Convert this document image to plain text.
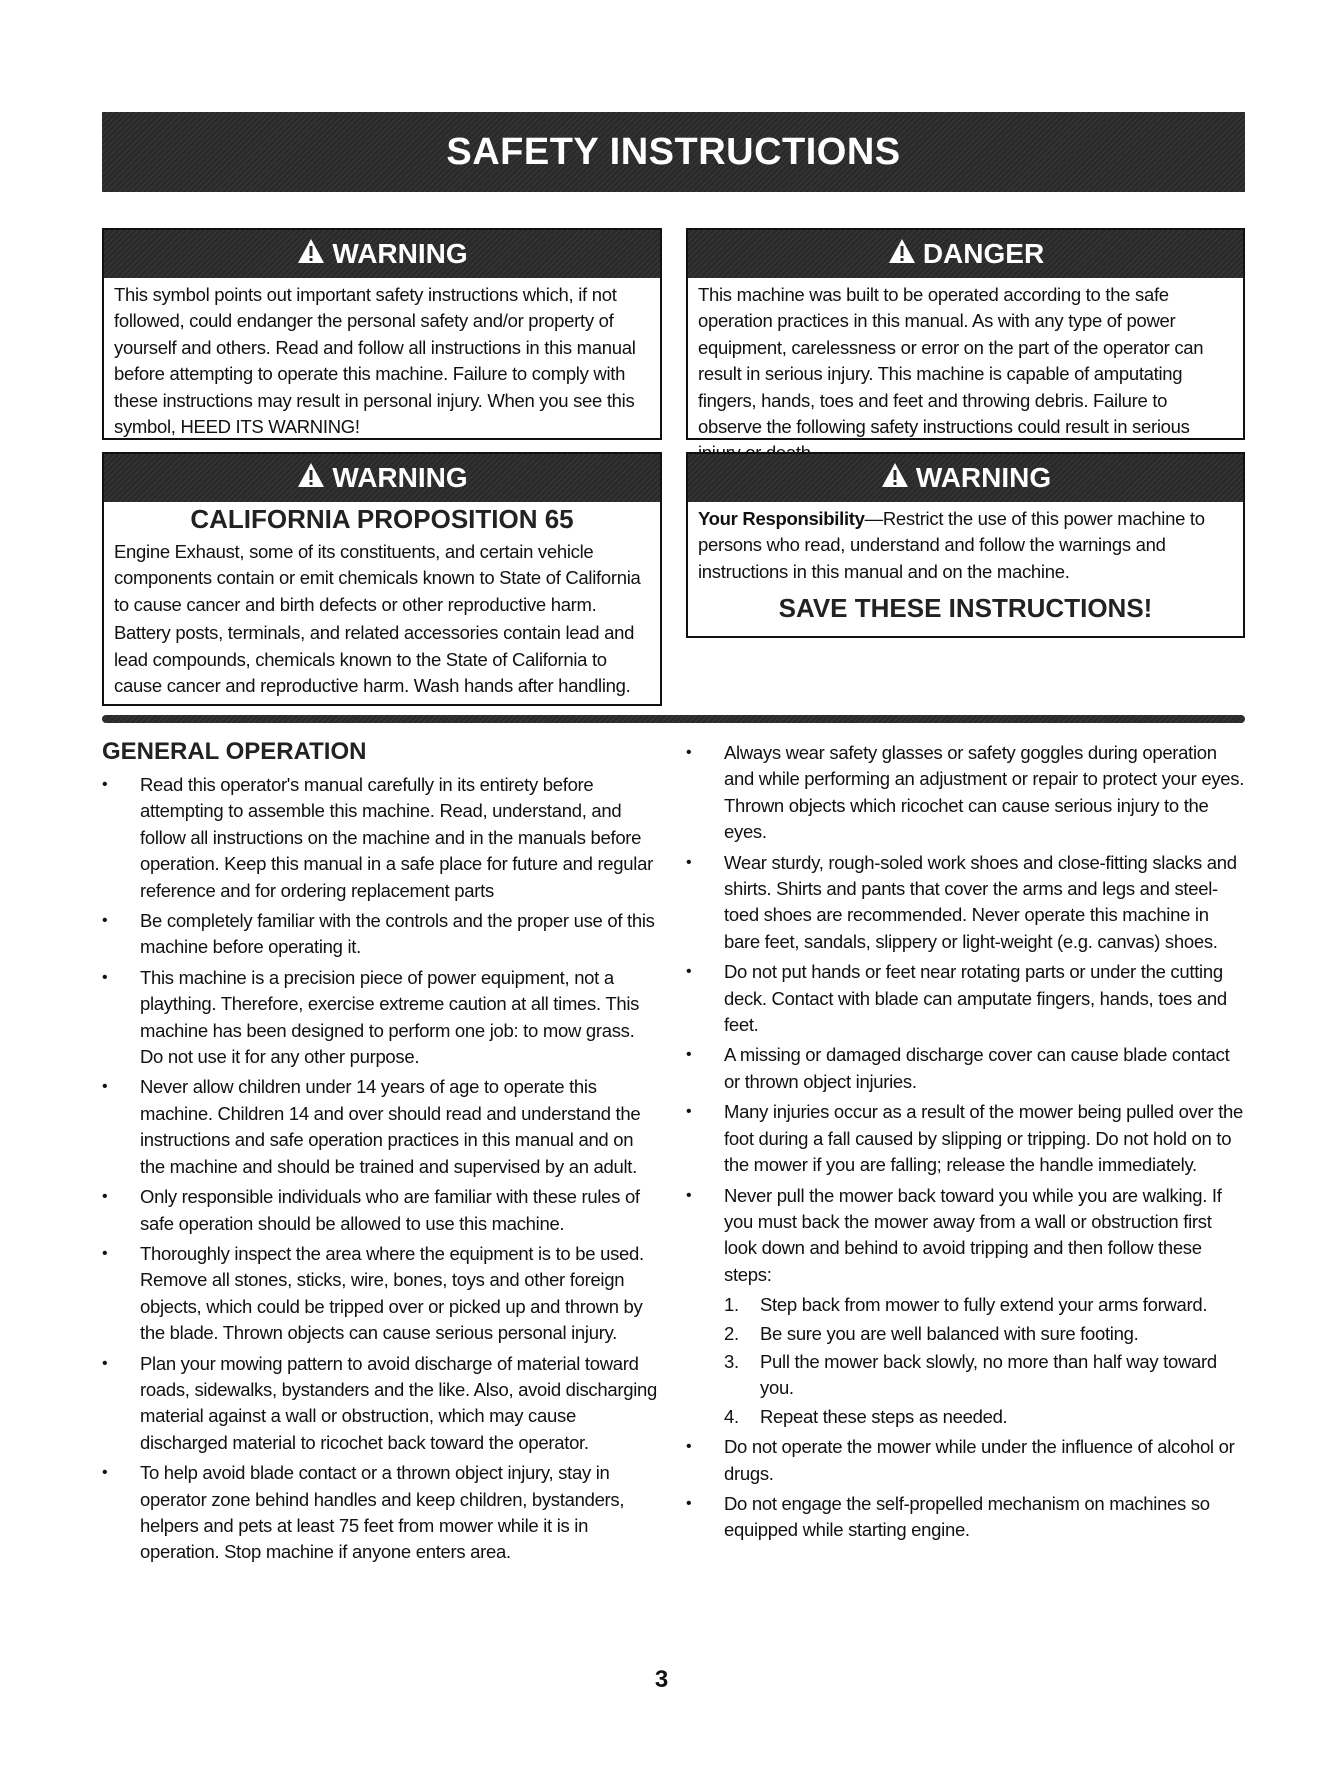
SAFETY INSTRUCTIONS
WARNING
This symbol points out important safety instructions which, if not followed, could endanger the personal safety and/or property of yourself and others. Read and follow all instructions in this manual before attempting to operate this machine. Failure to comply with these instructions may result in personal injury. When you see this symbol, HEED ITS WARNING!
DANGER
This machine was built to be operated according to the safe operation practices in this manual. As with any type of power equipment, carelessness or error on the part of the operator can result in serious injury. This machine is capable of amputating fingers, hands, toes and feet and throwing debris. Failure to observe the following safety instructions could result in serious
WARNING
CALIFORNIA PROPOSITION 65
Engine Exhaust, some of its constituents, and certain vehicle components contain or emit chemicals known to State of California to cause cancer and birth defects or other reproductive harm.
Battery posts, terminals, and related accessories contain lead and lead compounds, chemicals known to the State of California to cause cancer and reproductive harm. Wash hands after handling.
WARNING
Your Responsibility—Restrict the use of this power machine to persons who read, understand and follow the warnings and instructions in this manual and on the machine.
SAVE THESE INSTRUCTIONS!
GENERAL OPERATION
• Read this operator's manual carefully in its entirety before attempting to assemble this machine. Read, understand, and follow all instructions on the machine and in the manuals before operation. Keep this manual in a safe place for future and regular reference and for ordering replacement parts
• Be completely familiar with the controls and the proper use of this machine before operating it.
• This machine is a precision piece of power equipment, not a plaything. Therefore, exercise extreme caution at all times. This machine has been designed to perform one job: to mow grass. Do not use it for any other purpose.
• Never allow children under 14 years of age to operate this machine. Children 14 and over should read and understand the instructions and safe operation practices in this manual and on the machine and should be trained and supervised by an adult.
• Only responsible individuals who are familiar with these rules of safe operation should be allowed to use this machine.
• Thoroughly inspect the area where the equipment is to be used. Remove all stones, sticks, wire, bones, toys and other foreign objects, which could be tripped over or picked up and thrown by the blade. Thrown objects can cause serious personal injury.
• Plan your mowing pattern to avoid discharge of material toward roads, sidewalks, bystanders and the like. Also, avoid discharging material against a wall or obstruction, which may cause discharged material to ricochet back toward the operator.
• To help avoid blade contact or a thrown object injury, stay in operator zone behind handles and keep children, bystanders, helpers and pets at least 75 feet from mower while it is in operation. Stop machine if anyone enters area.
• Always wear safety glasses or safety goggles during operation and while performing an adjustment or repair to protect your eyes. Thrown objects which ricochet can cause serious injury to the eyes.
• Wear sturdy, rough-soled work shoes and close-fitting slacks and shirts. Shirts and pants that cover the arms and legs and steel-toed shoes are recommended. Never operate this machine in bare feet, sandals, slippery or light-weight (e.g. canvas) shoes.
• Do not put hands or feet near rotating parts or under the cutting deck. Contact with blade can amputate fingers, hands, toes and feet.
• A missing or damaged discharge cover can cause blade contact or thrown object injuries.
• Many injuries occur as a result of the mower being pulled over the foot during a fall caused by slipping or tripping. Do not hold on to the mower if you are falling; release the handle immediately.
• Never pull the mower back toward you while you are walking. If you must back the mower away from a wall or obstruction first look down and behind to avoid tripping and then follow these steps:
1. Step back from mower to fully extend your arms forward.
2. Be sure you are well balanced with sure footing.
3. Pull the mower back slowly, no more than half way toward you.
4. Repeat these steps as needed.
• Do not operate the mower while under the influence of alcohol or drugs.
• Do not engage the self-propelled mechanism on machines so equipped while starting engine.
3
